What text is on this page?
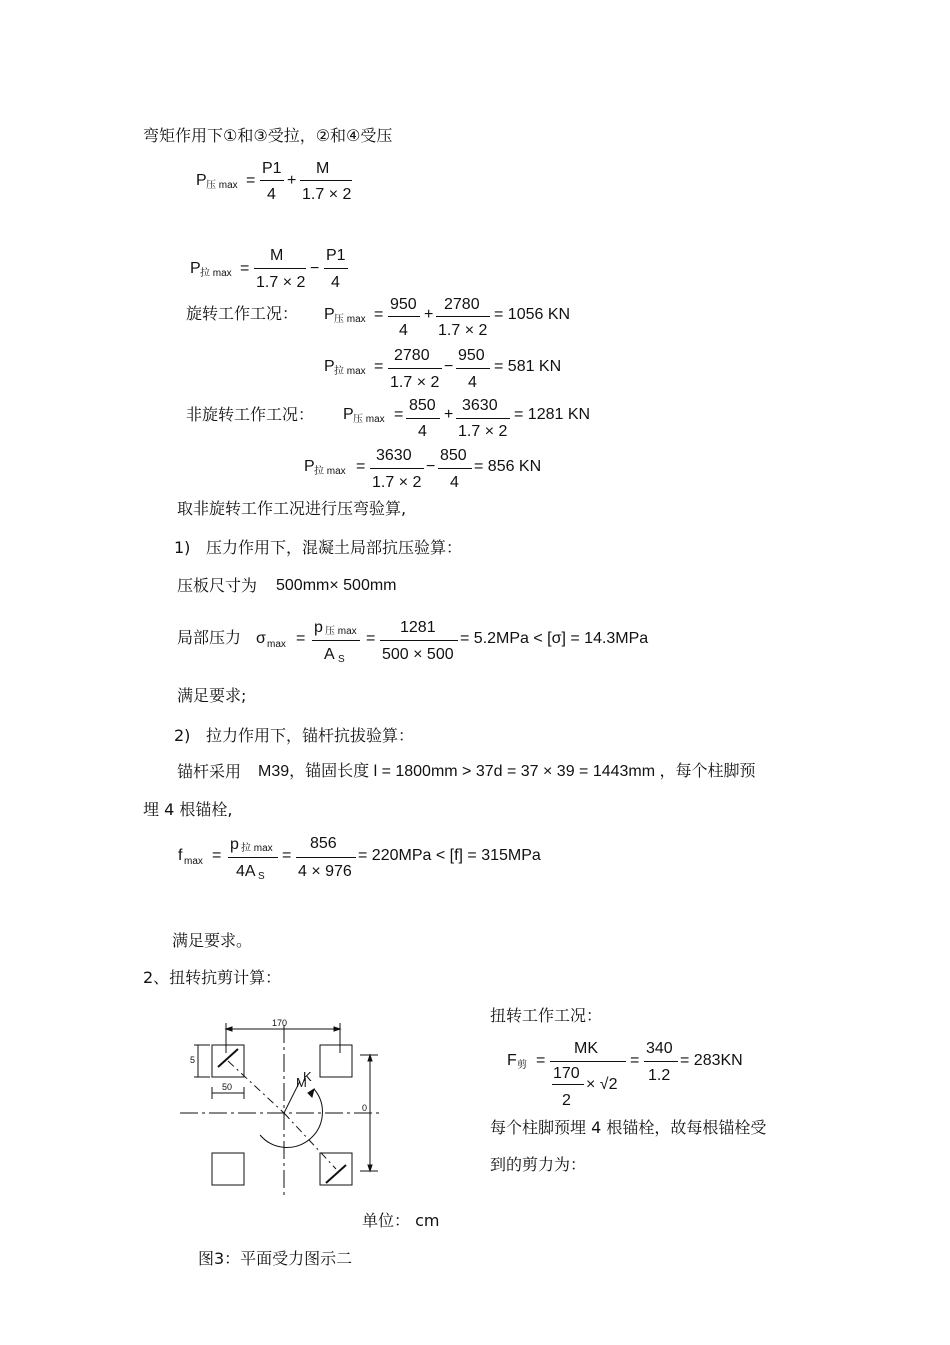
弯矩作用下①和③受拉，②和④受压
P 压 max =
P1
4
+
M
1.7 × 2
P 拉 max =
M
1.7 × 2
−
P1
4
旋转工作工况： P 压 max =
950
4
+
2780
1.7 × 2
= 1056 KN
P 拉 max =
2780
1.7 × 2
−
950
4
= 581 KN
非旋转工作工况： P 压 max =
850
4
+
3630
1.7 × 2
= 1281 KN
P 拉 max =
3630
1.7 × 2
−
850
4
= 856 KN
取非旋转工作工况进行压弯验算,
1) 压力作用下，混凝土局部抗压验算：
压板尺寸为 500mm× 500mm
局部压力 σ max =
p 压 max
A S
=
1281
500 × 500
= 5.2MPa < [σ] = 14.3MPa
满足要求;
2) 拉力作用下，锚杆抗拔验算：
锚杆采用 M39，锚固长度 l = 1800mm > 37d = 37 × 39 = 1443mm ，每个柱脚预
埋 4 根锚栓,
f max =
p 拉 max
4A S
=
856
4 × 976
= 220MPa < [f] = 315MPa
满足要求。
2、扭转抗剪计算：
170
5
50
0
M
K
单位： cm
图3：平面受力图示二
扭转工作工况：
F 剪 =
MK
170
2
× √2
=
340
1.2
= 283KN
每个柱脚预埋 4 根锚栓，故每根锚栓受
到的剪力为：
